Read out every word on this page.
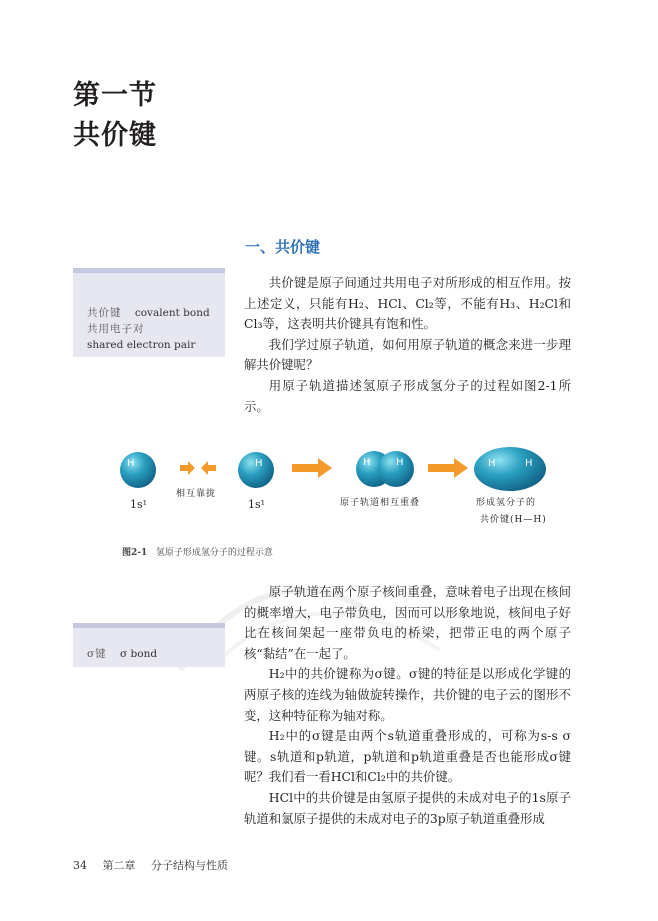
第一节
共价键
一、共价键
共价键 covalent bond
共用电子对
shared electron pair

共价键是原子间通过共用电子对所形成的相互作用。按上述定义，只能有H₂、HCl、Cl₂等，不能有H₃、H₂Cl和Cl₃等，这表明共价键具有饱和性。

我们学过原子轨道，如何用原子轨道的概念来进一步理解共价键呢？

用原子轨道描述氢原子形成氢分子的过程如图2-1所示。

H
1s¹
相互靠拢
H
1s¹
H	H
原子轨道相互重叠
H	H
形成氢分子的
共价键(H—H)
图2-1 氢原子形成氢分子的过程示意
σ键 σ bond

原子轨道在两个原子核间重叠，意味着电子出现在核间的概率增大，电子带负电，因而可以形象地说，核间电子好比在核间架起一座带负电的桥梁，把带正电的两个原子核“黏结”在一起了。

H₂中的共价键称为σ键。σ键的特征是以形成化学键的两原子核的连线为轴做旋转操作，共价键的电子云的图形不变，这种特征称为轴对称。

H₂中的σ键是由两个s轨道重叠形成的，可称为s-s σ键。s轨道和p轨道，p轨道和p轨道重叠是否也能形成σ键呢？我们看一看HCl和Cl₂中的共价键。

HCl中的共价键是由氢原子提供的未成对电子的1s原子轨道和氯原子提供的未成对电子的3p原子轨道重叠形成

34 第二章 分子结构与性质
